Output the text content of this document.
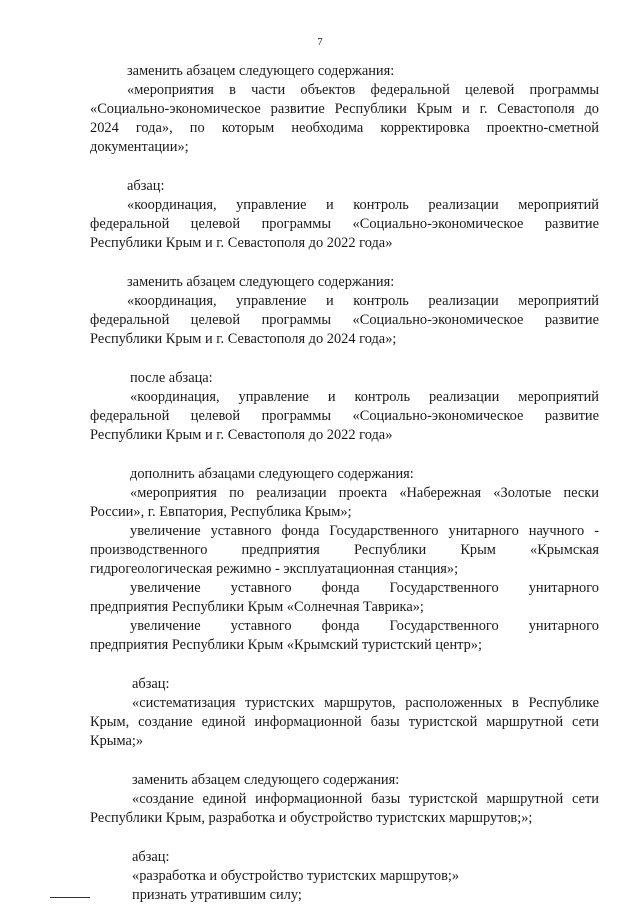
7
заменить абзацем следующего содержания:
«мероприятия в части объектов федеральной целевой программы
«Социально-экономическое развитие Республики Крым и г. Севастополя до
2024 года», по которым необходима корректировка проектно-сметной
документации»;
абзац:
«координация, управление и контроль реализации мероприятий
федеральной целевой программы «Социально-экономическое развитие
Республики Крым и г. Севастополя до 2022 года»
заменить абзацем следующего содержания:
«координация, управление и контроль реализации мероприятий
федеральной целевой программы «Социально-экономическое развитие
Республики Крым и г. Севастополя до 2024 года»;
после абзаца:
«координация, управление и контроль реализации мероприятий
федеральной целевой программы «Социально-экономическое развитие
Республики Крым и г. Севастополя до 2022 года»
дополнить абзацами следующего содержания:
«мероприятия по реализации проекта «Набережная «Золотые пески
России», г. Евпатория, Республика Крым»;
увеличение уставного фонда Государственного унитарного научного -
производственного предприятия Республики Крым «Крымская
гидрогеологическая режимно - эксплуатационная станция»;
увеличение уставного фонда Государственного унитарного
предприятия Республики Крым «Солнечная Таврика»;
увеличение уставного фонда Государственного унитарного
предприятия Республики Крым «Крымский туристский центр»;
абзац:
«систематизация туристских маршрутов, расположенных в Республике
Крым, создание единой информационной базы туристской маршрутной сети
Крыма;»
заменить абзацем следующего содержания:
«создание единой информационной базы туристской маршрутной сети
Республики Крым, разработка и обустройство туристских маршрутов;»;
абзац:
«разработка и обустройство туристских маршрутов;»
признать утратившим силу;
